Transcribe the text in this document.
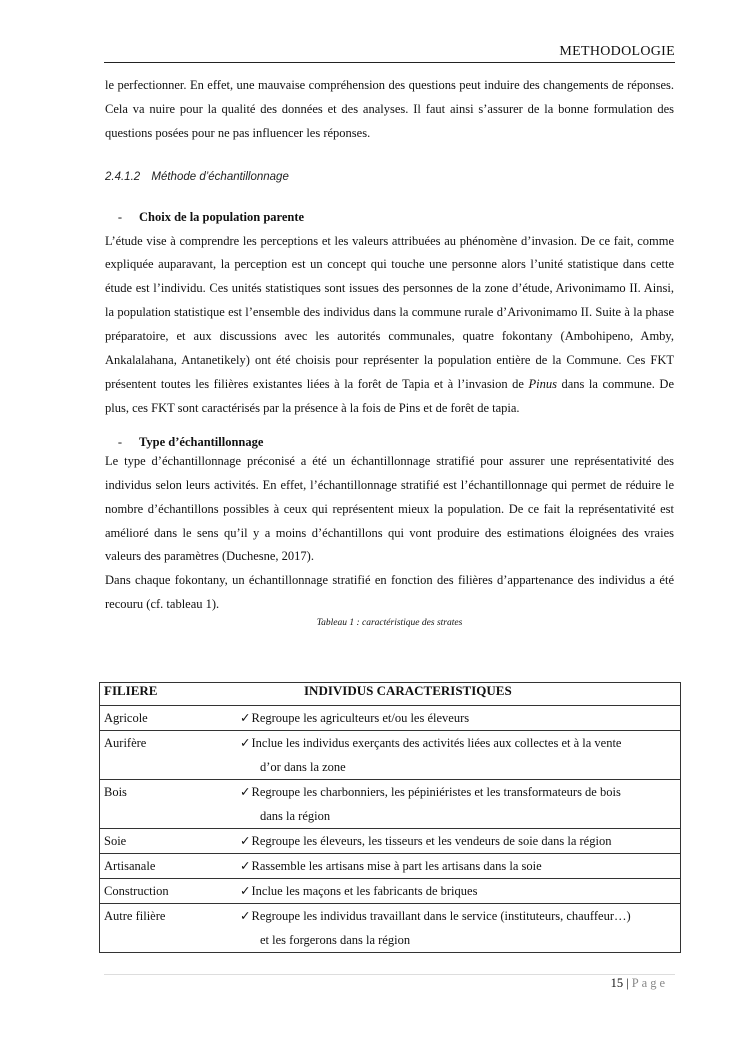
METHODOLOGIE

le perfectionner. En effet, une mauvaise compréhension des questions peut induire des changements de réponses. Cela va nuire pour la qualité des données et des analyses. Il faut ainsi s’assurer de la bonne formulation des questions posées pour ne pas influencer les réponses.

2.4.1.2 Méthode d’échantillonnage

- Choix de la population parente

L’étude vise à comprendre les perceptions et les valeurs attribuées au phénomène d’invasion. De ce fait, comme expliquée auparavant, la perception est un concept qui touche une personne alors l’unité statistique dans cette étude est l’individu. Ces unités statistiques sont issues des personnes de la zone d’étude, Arivonimamo II. Ainsi, la population statistique est l’ensemble des individus dans la commune rurale d’Arivonimamo II. Suite à la phase préparatoire, et aux discussions avec les autorités communales, quatre fokontany (Ambohipeno, Amby, Ankalalahana, Antanetikely) ont été choisis pour représenter la population entière de la Commune. Ces FKT présentent toutes les filières existantes liées à la forêt de Tapia et à l’invasion de Pinus dans la commune. De plus, ces FKT sont caractérisés par la présence à la fois de Pins et de forêt de tapia.

- Type d’échantillonnage

Le type d’échantillonnage préconisé a été un échantillonnage stratifié pour assurer une représentativité des individus selon leurs activités. En effet, l’échantillonnage stratifié est l’échantillonnage qui permet de réduire le nombre d’échantillons possibles à ceux qui représentent mieux la population. De ce fait la représentativité est amélioré dans le sens qu’il y a moins d’échantillons qui vont produire des estimations éloignées des vraies valeurs des paramètres (Duchesne, 2017).

Dans chaque fokontany, un échantillonnage stratifié en fonction des filières d’appartenance des individus a été recouru (cf. tableau 1).

Tableau 1 : caractéristique des strates
FILIERE	INDIVIDUS CARACTERISTIQUES
Agricole	✓Regroupe les agriculteurs et/ou les éleveurs
Aurifère	✓Inclue les individus exerçants des activités liées aux collectes et à la vente
d’or dans la zone

Bois	✓Regroupe les charbonniers, les pépiniéristes et les transformateurs de bois
dans la région

Soie	✓Regroupe les éleveurs, les tisseurs et les vendeurs de soie dans la région
Artisanale	✓Rassemble les artisans mise à part les artisans dans la soie
Construction	✓Inclue les maçons et les fabricants de briques
Autre filière	✓Regroupe les individus travaillant dans le service (instituteurs, chauffeur…)
et les forgerons dans la région
15 | Page
